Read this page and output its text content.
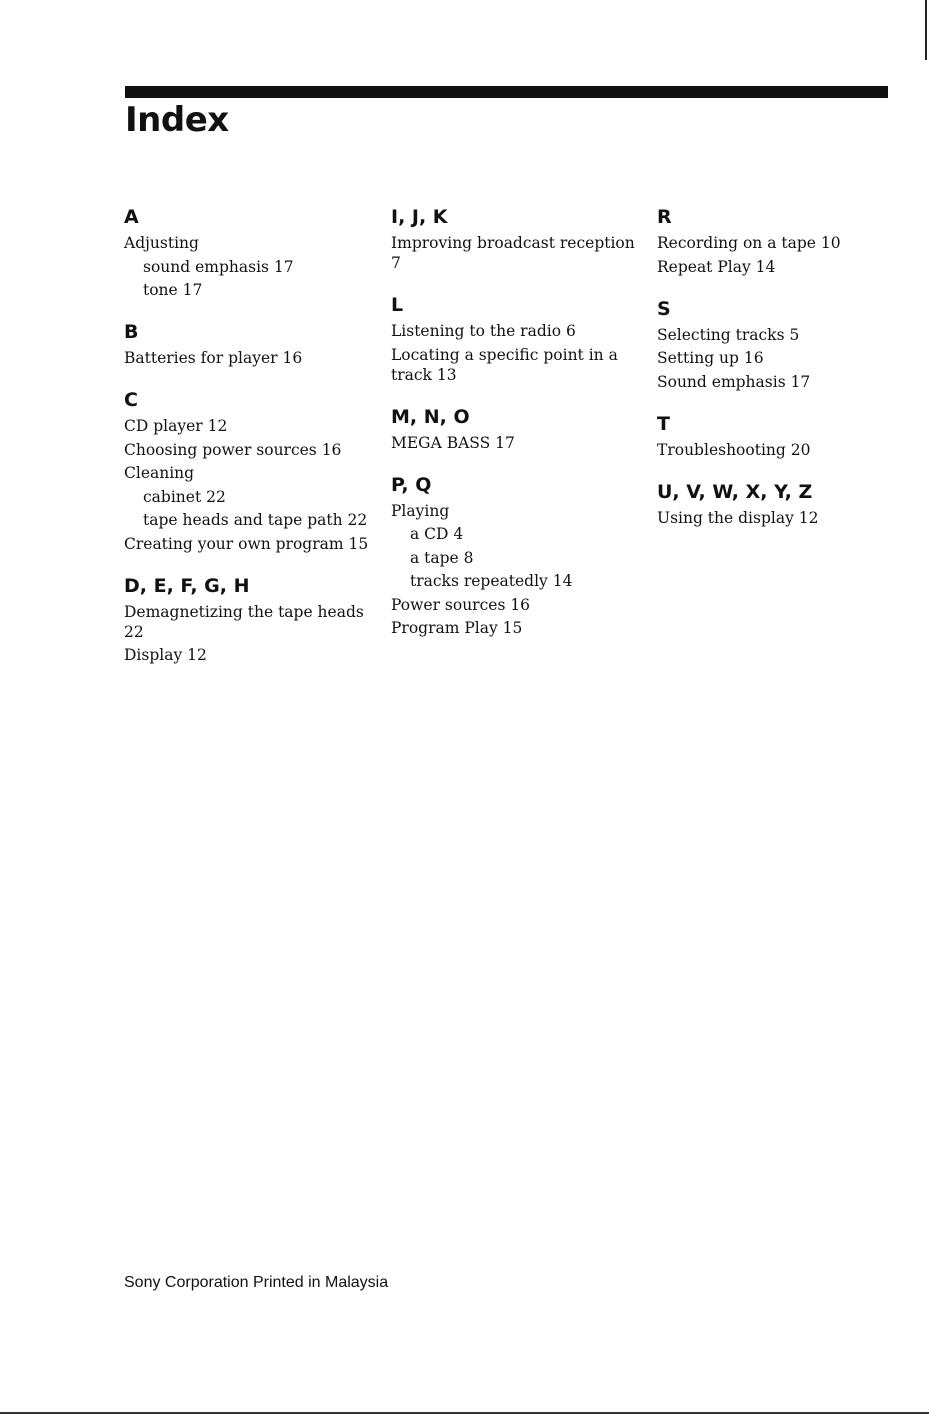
Index
A
Adjusting
sound emphasis 17
tone 17
B
Batteries for player 16
C
CD player 12
Choosing power sources 16
Cleaning
cabinet 22
tape heads and tape path 22
Creating your own program 15
D, E, F, G, H
Demagnetizing the tape heads 22
Display 12
I, J, K
Improving broadcast reception 7
L
Listening to the radio 6
Locating a specific point in a track 13
M, N, O
MEGA BASS 17
P, Q
Playing
a CD 4
a tape 8
tracks repeatedly 14
Power sources 16
Program Play 15
R
Recording on a tape 10
Repeat Play 14
S
Selecting tracks 5
Setting up 16
Sound emphasis 17
T
Troubleshooting 20
U, V, W, X, Y, Z
Using the display 12
Sony Corporation Printed in Malaysia
